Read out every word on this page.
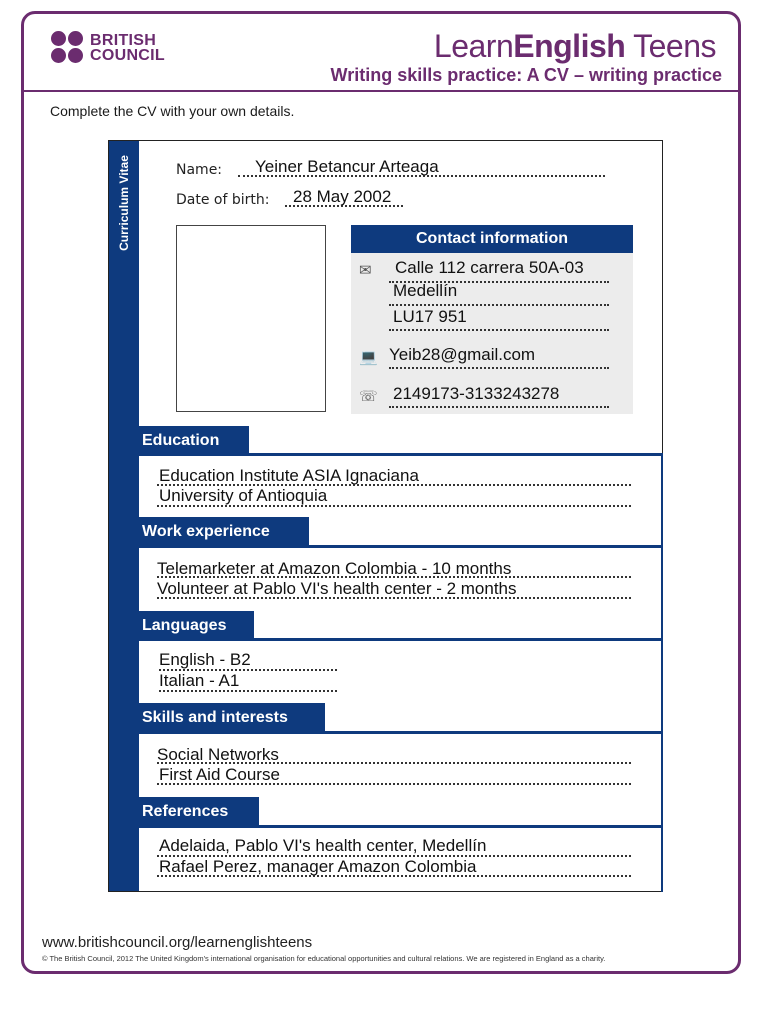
BRITISH
COUNCIL	LearnEnglish Teens
Writing skills practice: A CV – writing practice
Complete the CV with your own details.
Curriculum Vitae	Name: Yeiner Betancur Arteaga
Date of birth: 28 May 2002
Contact information
✉ Calle 112 carrera 50A-03
Medellín
LU17 951
💻 Yeib28@gmail.com
☏ 2149173-3133243278
Education
Education Institute ASIA Ignaciana
University of Antioquia
Work experience
Telemarketer at Amazon Colombia - 10 months
Volunteer at Pablo VI's health center - 2 months
Languages
English - B2
Italian - A1
Skills and interests
Social Networks
First Aid Course
References
Adelaida, Pablo VI's health center, Medellín
Rafael Perez, manager Amazon Colombia
www.britishcouncil.org/learnenglishteens
© The British Council, 2012 The United Kingdom's international organisation for educational opportunities and cultural relations. We are registered in England as a charity.
